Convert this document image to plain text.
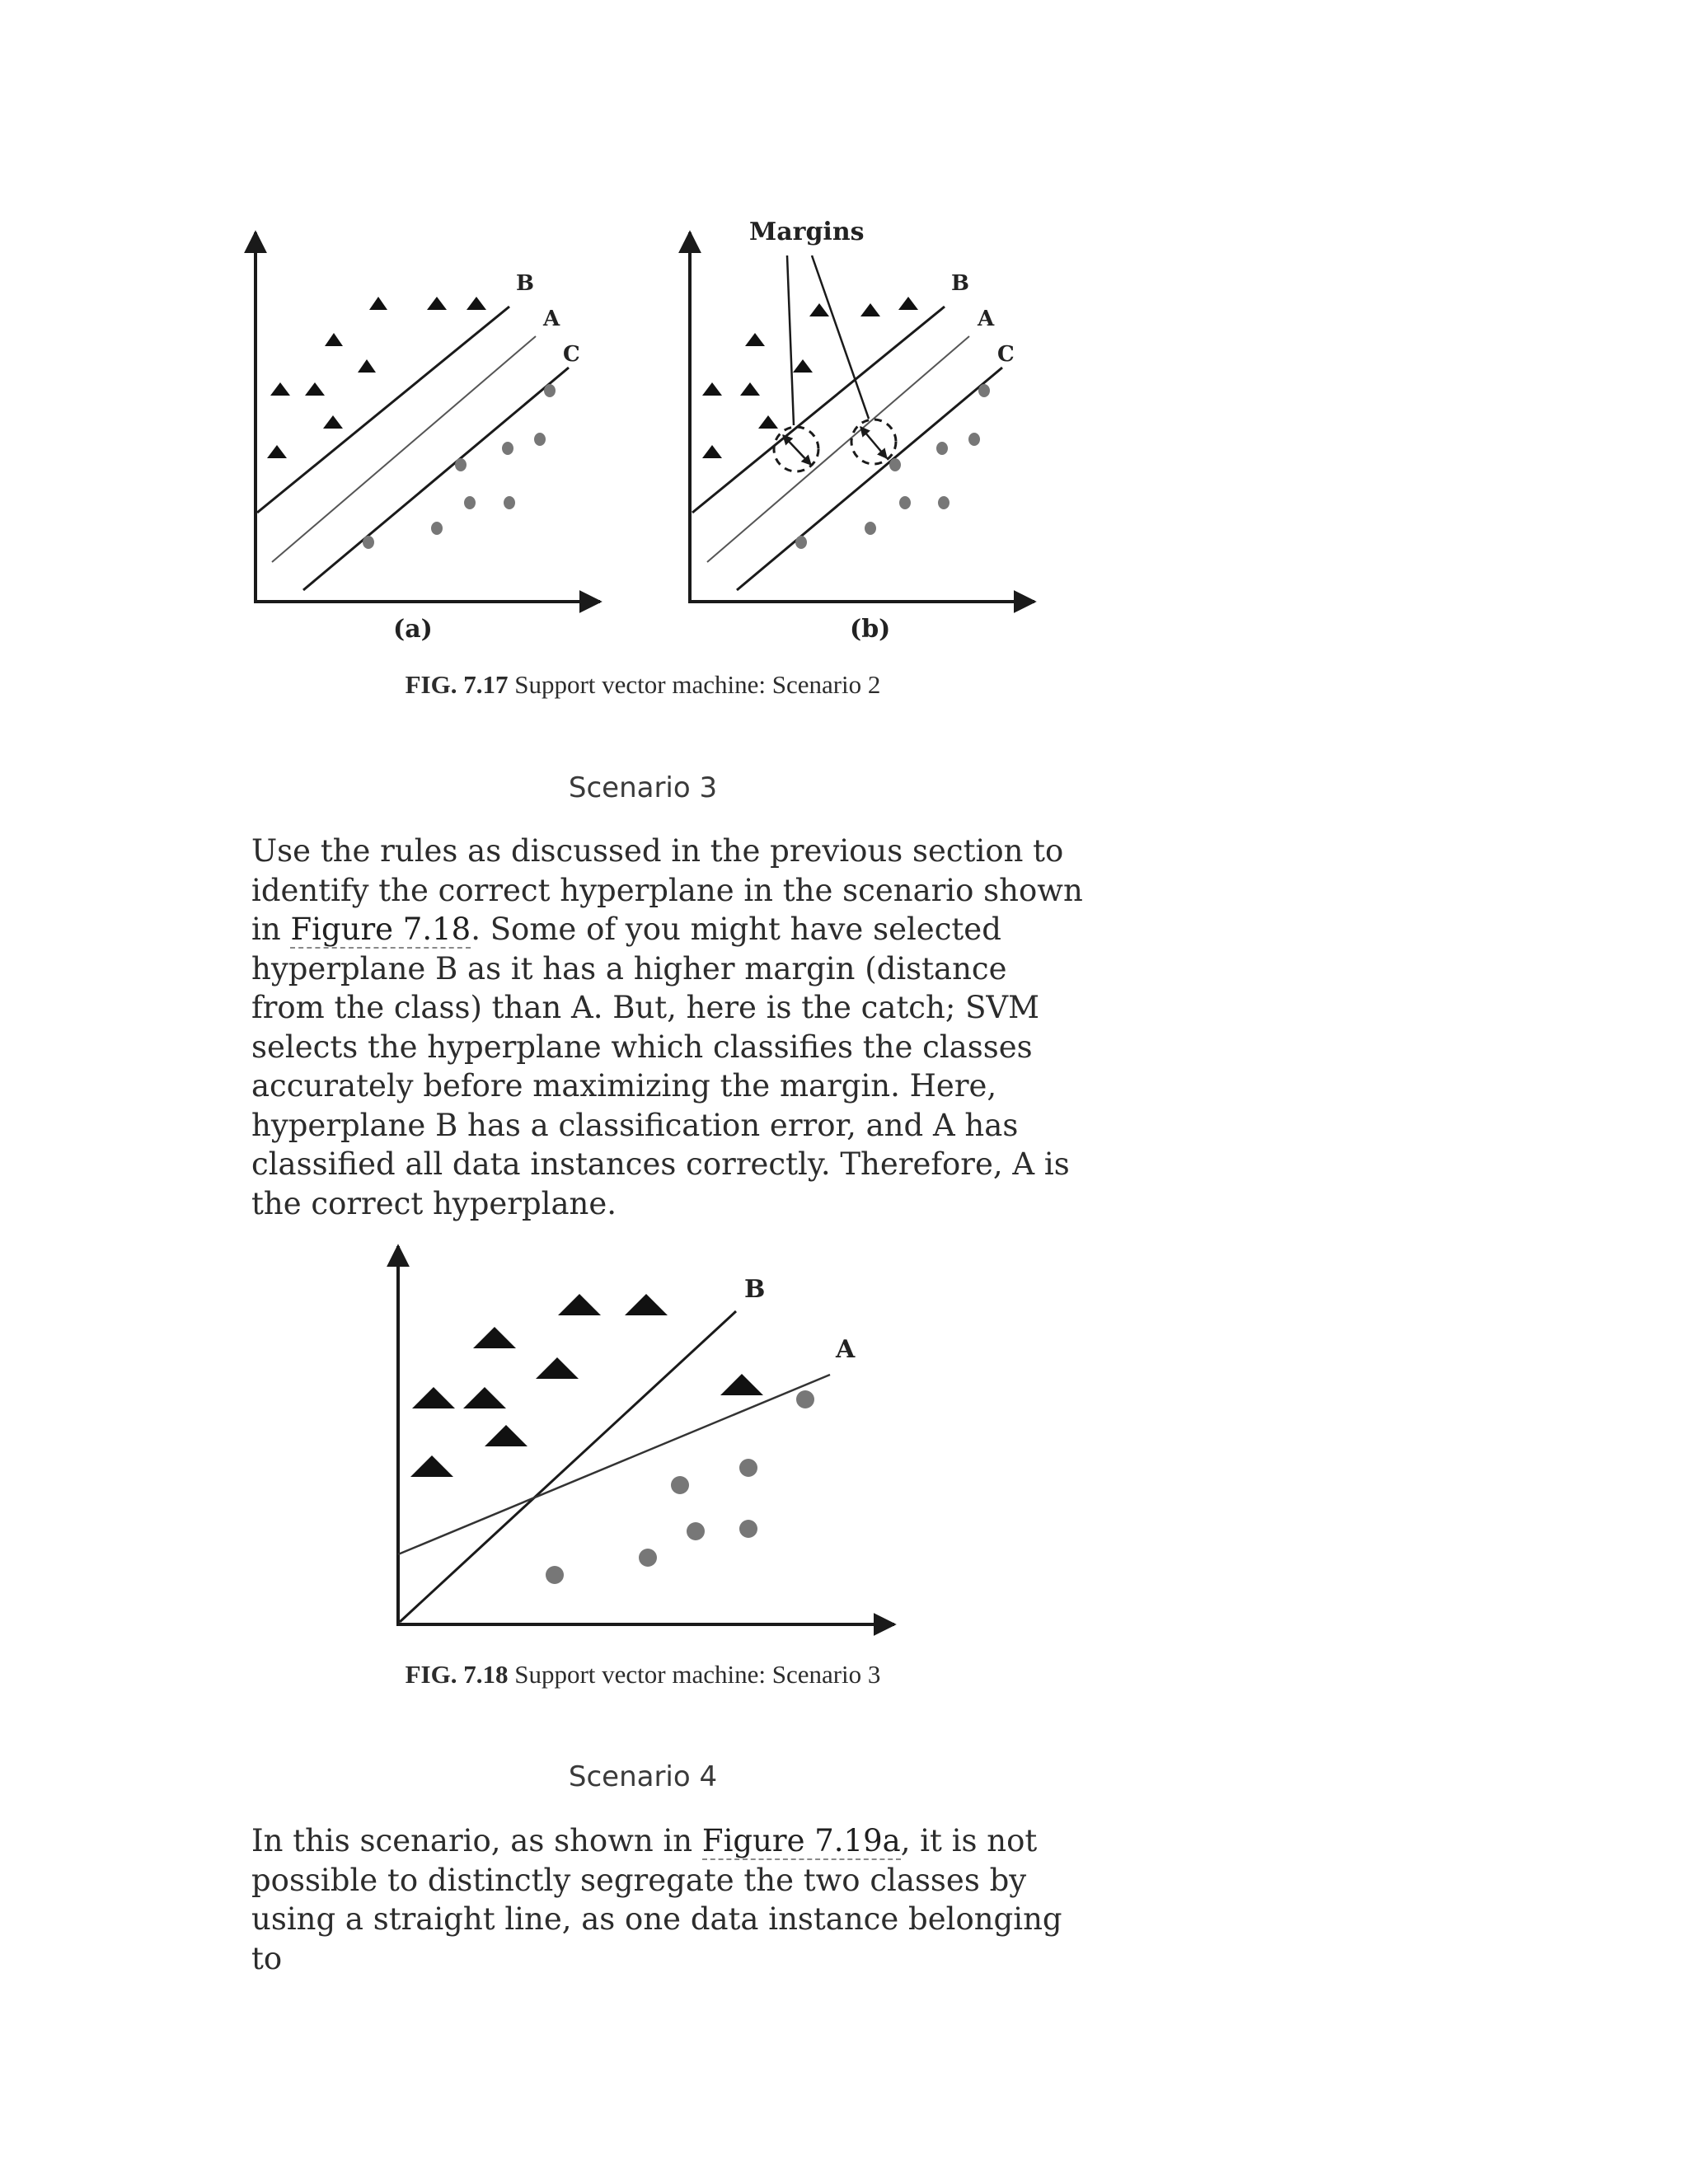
B
A
C
(a)
Margins
B
A
C
(b)
FIG. 7.17 Support vector machine: Scenario 2
Scenario 3

Use the rules as discussed in the previous section to identify the correct hyperplane in the scenario shown in Figure 7.18. Some of you might have selected hyperplane B as it has a higher margin (distance from the class) than A. But, here is the catch; SVM selects the hyperplane which classifies the classes accurately before maximizing the margin. Here, hyperplane B has a classification error, and A has classified all data instances correctly. Therefore, A is the correct hyperplane.

B
A
FIG. 7.18 Support vector machine: Scenario 3
Scenario 4

In this scenario, as shown in Figure 7.19a, it is not possible to distinctly segregate the two classes by using a straight line, as one data instance belonging to
